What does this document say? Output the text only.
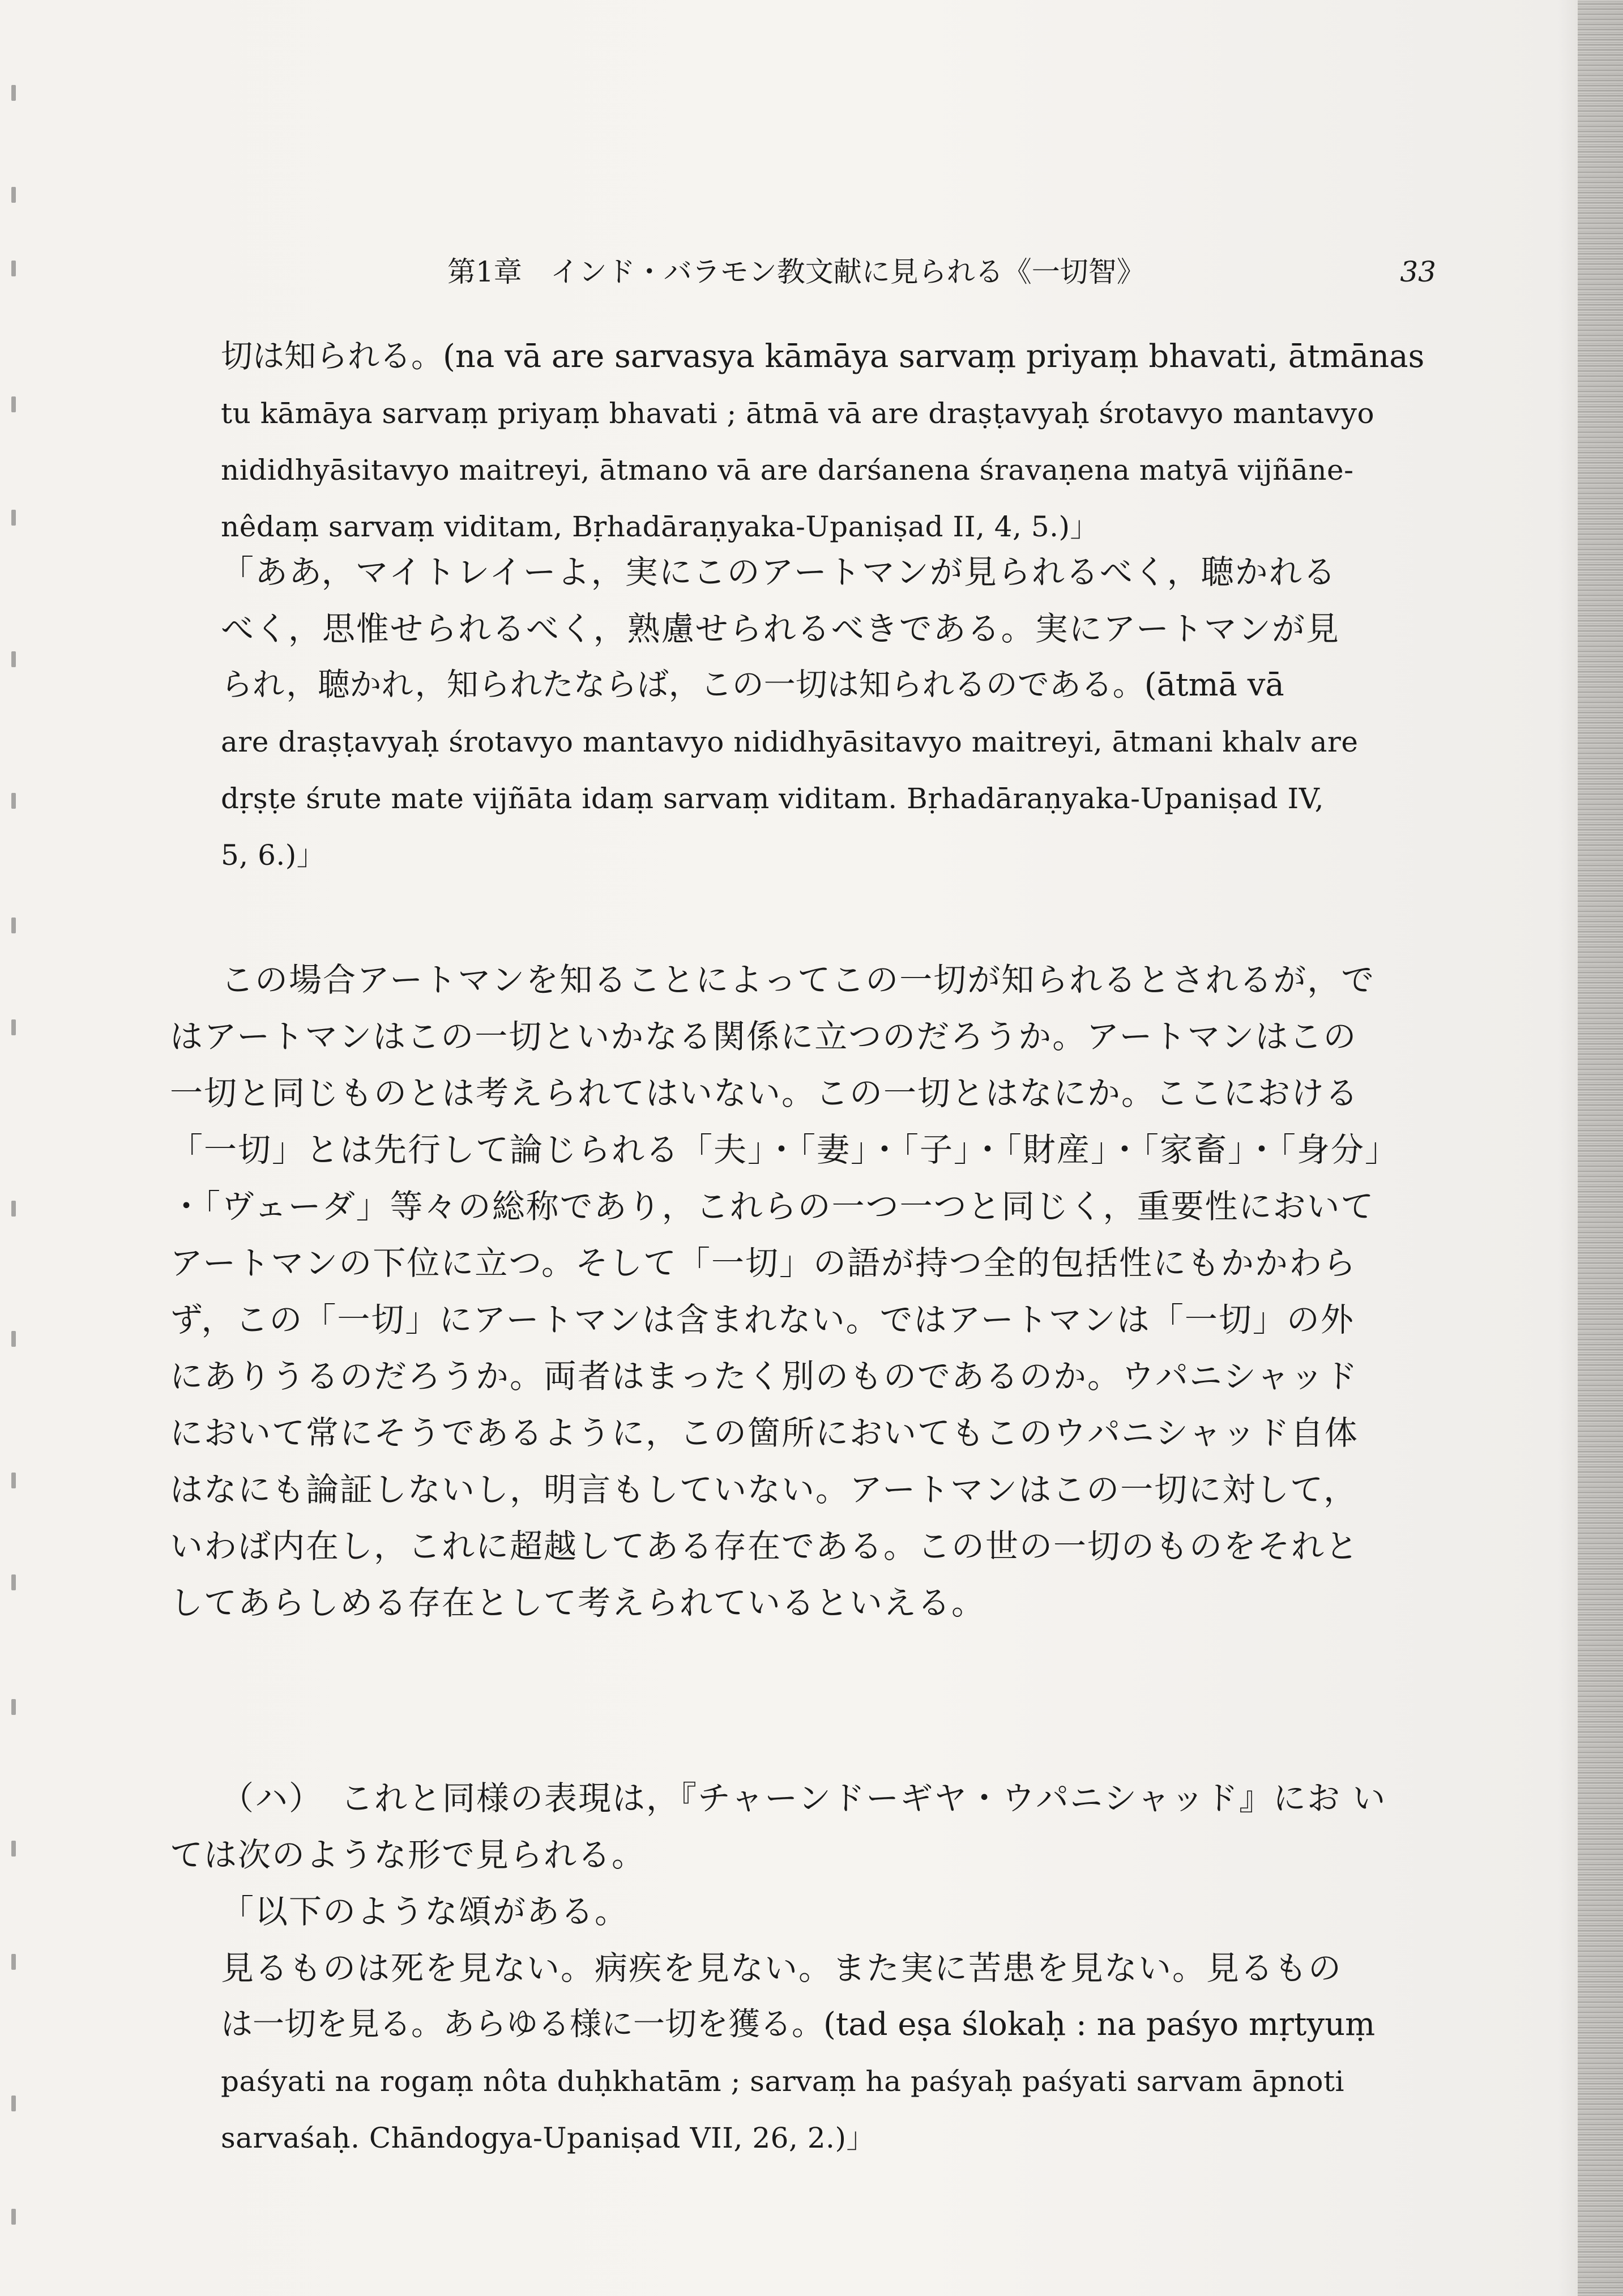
第1章　インド・バラモン教文献に見られる《一切智》	33
切は知られる。(na vā are sarvasya kāmāya sarvaṃ priyaṃ bhavati, ātmānas
tu kāmāya sarvaṃ priyaṃ bhavati ; ātmā vā are draṣṭavyaḥ śrotavyo mantavyo
nididhyāsitavyo maitreyi, ātmano vā are darśanena śravaṇena matyā vijñāne-
nêdaṃ sarvaṃ viditam, Bṛhadāraṇyaka-Upaniṣad II, 4, 5.)」
「ああ，マイトレイーよ，実にこのアートマンが見られるべく，聴かれる
べく，思惟せられるべく，熟慮せられるべきである。実にアートマンが見
られ，聴かれ，知られたならば，この一切は知られるのである。(ātmā vā
are draṣṭavyaḥ śrotavyo mantavyo nididhyāsitavyo maitreyi, ātmani khalv are
dṛṣṭe śrute mate vijñāta idaṃ sarvaṃ viditam. Bṛhadāraṇyaka-Upaniṣad IV,
5, 6.)」
この場合アートマンを知ることによってこの一切が知られるとされるが，で
はアートマンはこの一切といかなる関係に立つのだろうか。アートマンはこの
一切と同じものとは考えられてはいない。この一切とはなにか。ここにおける
「一切」とは先行して論じられる「夫」・「妻」・「子」・「財産」・「家畜」・「身分」
・「ヴェーダ」等々の総称であり，これらの一つ一つと同じく，重要性において
アートマンの下位に立つ。そして「一切」の語が持つ全的包括性にもかかわら
ず，この「一切」にアートマンは含まれない。ではアートマンは「一切」の外
にありうるのだろうか。両者はまったく別のものであるのか。ウパニシャッド
において常にそうであるように，この箇所においてもこのウパニシャッド自体
はなにも論証しないし，明言もしていない。アートマンはこの一切に対して，
いわば内在し，これに超越してある存在である。この世の一切のものをそれと
してあらしめる存在として考えられているといえる。
（ハ）　これと同様の表現は，『チャーンドーギヤ・ウパニシャッド』にお い
ては次のような形で見られる。
「以下のような頌がある。
見るものは死を見ない。病疾を見ない。また実に苦患を見ない。見るもの
は一切を見る。あらゆる様に一切を獲る。(tad eṣa ślokaḥ : na paśyo mṛtyuṃ
paśyati na rogaṃ nôta duḥkhatām ; sarvaṃ ha paśyaḥ paśyati sarvam āpnoti
sarvaśaḥ. Chāndogya-Upaniṣad VII, 26, 2.)」
